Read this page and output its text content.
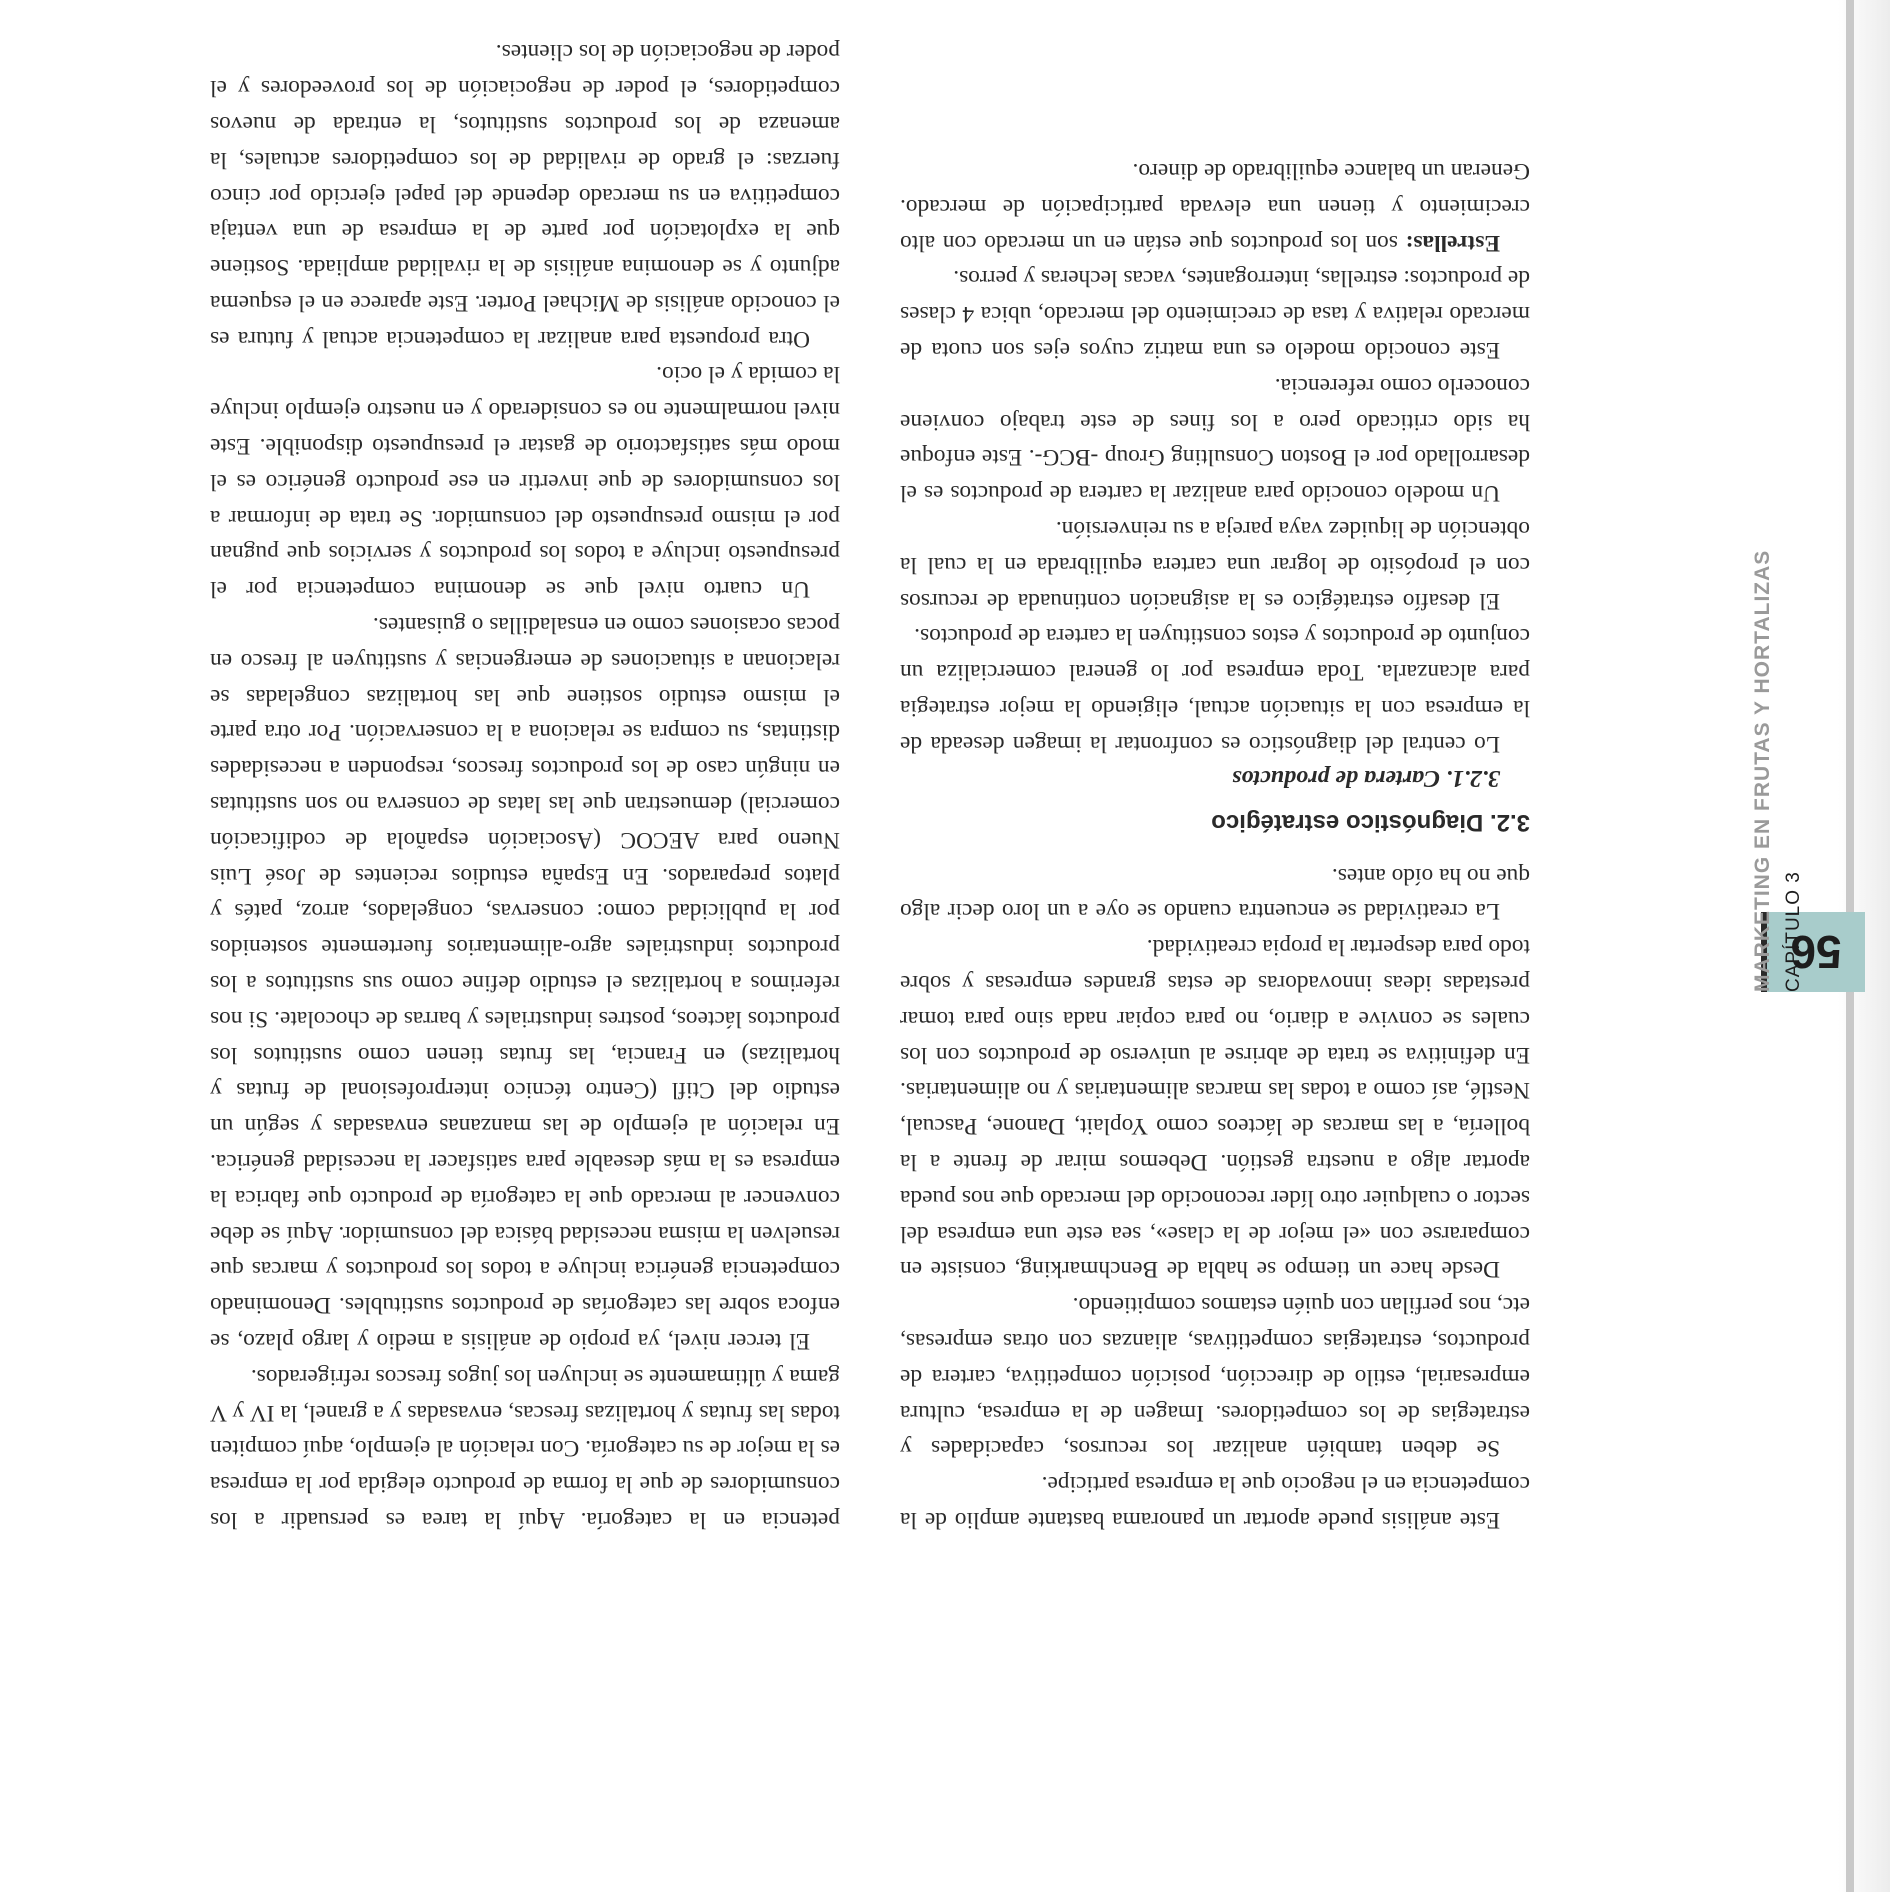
56
CAPÍTULO 3
MARKETING EN FRUTAS Y HORTALIZAS

petencia en la categoría. Aquí la tarea es persuadir a los consumidores de que la forma de producto elegida por la empresa es la mejor de su categoría. Con relación al ejemplo, aquí compiten todas las frutas y hortalizas frescas, envasadas y a granel, la IV y V gama y últimamente se incluyen los jugos frescos refrigerados.

El tercer nivel, ya propio de análisis a medio y largo plazo, se enfoca sobre las categorías de productos sustitubles. Denominado competencia genérica incluye a todos los productos y marcas que resuelven la misma necesidad básica del consumidor. Aquí se debe convencer al mercado que la categoría de producto que fabrica la empresa es la más deseable para satisfacer la necesidad genérica. En relación al ejemplo de las manzanas envasadas y según un estudio del Ctifl (Centro técnico interprofesional de frutas y hortalizas) en Francia, las frutas tienen como sustitutos los productos lácteos, postres industriales y barras de chocolate. Si nos referimos a hortalizas el estudio define como sus sustitutos a los productos industriales agro-alimentarios fuertemente sostenidos por la publicidad como: conservas, congelados, arroz, patés y platos preparados. En España estudios recientes de José Luis Nueno para AECOC (Asociación española de codificación comercial) demuestran que las latas de conserva no son sustitutas en ningún caso de los productos frescos, responden a necesidades distintas, su compra se relaciona a la conservación. Por otra parte el mismo estudio sostiene que las hortalizas congeladas se relacionan a situaciones de emergencias y sustituyen al fresco en pocas ocasiones como en ensaladillas o guisantes.

Un cuarto nivel que se denomina competencia por el presupuesto incluye a todos los productos y servicios que pugnan por el mismo presupuesto del consumidor. Se trata de informar a los consumidores de que invertir en ese producto genérico es el modo más satisfactorio de gastar el presupuesto disponible. Este nivel normalmente no es considerado y en nuestro ejemplo incluye la comida y el ocio.

Otra propuesta para analizar la competencia actual y futura es el conocido análisis de Michael Porter. Este aparece en el esquema adjunto y se denomina análisis de la rivalidad ampliada. Sostiene que la explotación por parte de la empresa de una ventaja competitiva en su mercado depende del papel ejercido por cinco fuerzas: el grado de rivalidad de los competidores actuales, la amenaza de los productos sustitutos, la entrada de nuevos competidores, el poder de negociación de los proveedores y el poder de negociación de los clientes.

Este análisis puede aportar un panorama bastante amplio de la competencia en el negocio que la empresa participe.

Se deben también analizar los recursos, capacidades y estrategias de los competidores. Imagen de la empresa, cultura empresarial, estilo de dirección, posición competitiva, cartera de productos, estrategias competitivas, alianzas con otras empresas, etc, nos perfilan con quién estamos compitiendo.

Desde hace un tiempo se habla de Benchmarking, consiste en compararse con «el mejor de la clase», sea este una empresa del sector o cualquier otro líder reconocido del mercado que nos pueda aportar algo a nuestra gestión. Debemos mirar de frente a la bollería, a las marcas de lácteos como Yoplait, Danone, Pascual, Nestlé, así como a todas las marcas alimentarias y no alimentarias. En definitiva se trata de abrirse al universo de productos con los cuales se convive a diario, no para copiar nada sino para tomar prestadas ideas innovadoras de estas grandes empresas y sobre todo para despertar la propia creatividad.

La creatividad se encuentra cuando se oye a un loro decir algo que no ha oído antes.

3.2. Diagnóstico estratégico
3.2.1. Cartera de productos

Lo central del diagnóstico es confrontar la imagen deseada de la empresa con la situación actual, eligiendo la mejor estrategia para alcanzarla. Toda empresa por lo general comercializa un conjunto de productos y estos constituyen la cartera de productos.

El desafío estratégico es la asignación continuada de recursos con el propósito de lograr una cartera equilibrada en la cual la obtención de liquidez vaya pareja a su reinversión.

Un modelo conocido para analizar la cartera de productos es el desarrollado por el Boston Consulting Group -BCG-. Este enfoque ha sido criticado pero a los fines de este trabajo conviene conocerlo como referencia.

Este conocido modelo es una matriz cuyos ejes son cuota de mercado relativa y tasa de crecimiento del mercado, ubica 4 clases de productos: estrellas, interrogantes, vacas lecheras y perros.

Estrellas: son los productos que están en un mercado con alto crecimiento y tienen una elevada participación de mercado. Generan un balance equilibrado de dinero.
